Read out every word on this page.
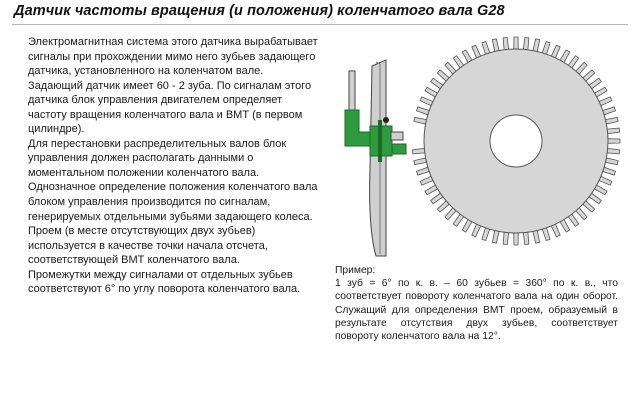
Датчик частоты вращения (и положения) коленчатого вала G28

Электромагнитная система этого датчика вырабатывает сигналы при прохождении мимо него зубьев задающего датчика, установленного на коленчатом вале.

Задающий датчик имеет 60 - 2 зуба. По сигналам этого датчика блок управления двигателем определяет частоту вращения коленчатого вала и ВМТ (в первом цилиндре).

Для перестановки распределительных валов блок управления должен располагать данными о моментальном положении коленчатого вала.

Однозначное определение положения коленчатого вала блоком управления производится по сигналам, генерируемых отдельными зубьями задающего колеса. Проем (в месте отсутствующих двух зубьев) используется в качестве точки начала отсчета, соответствующей ВМТ коленчатого вала.

Промежутки между сигналами от отдельных зубьев соответствуют 6° по углу поворота коленчатого вала.

Пример:
1 зуб = 6° по к. в. – 60 зубьев = 360° по к. в., что соответствует повороту коленчатого вала на один оборот. Служащий для определения ВМТ проем, образуемый в результате отсутствия двух зубьев, соответствует повороту коленчатого вала на 12°.
